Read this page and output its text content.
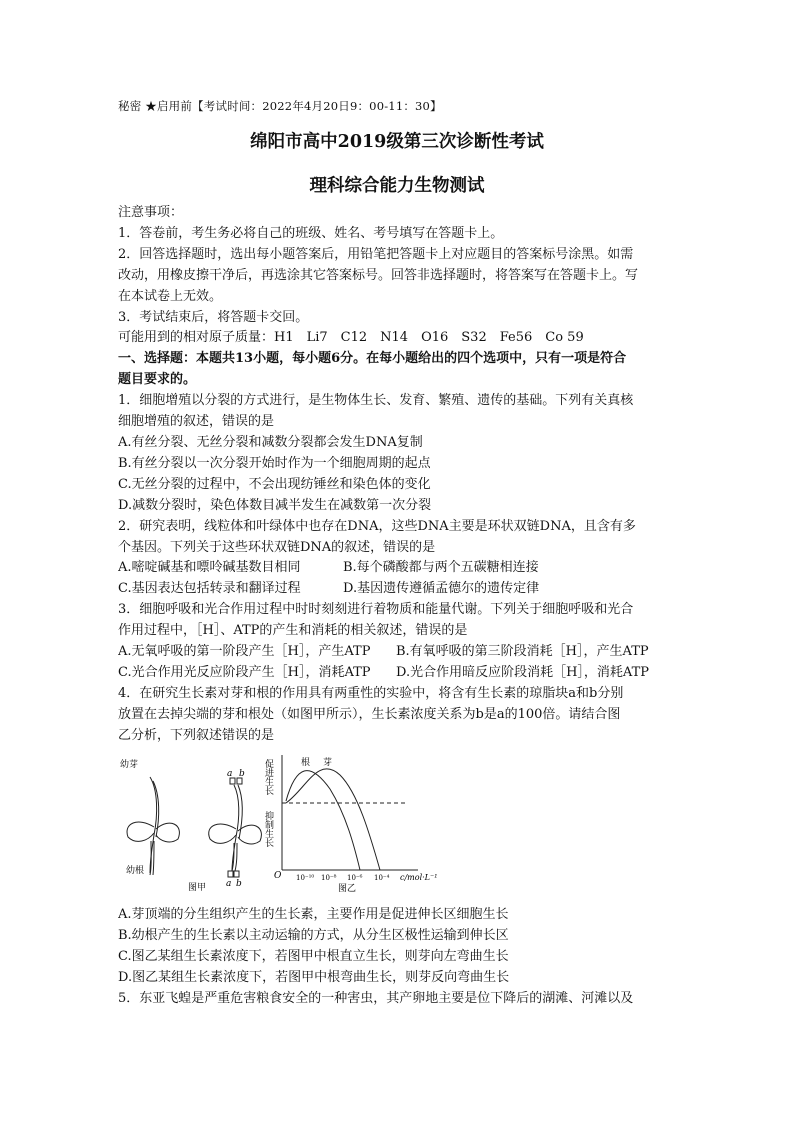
秘密 ★启用前【考试时间：2022年4月20日9：00-11：30】
绵阳市高中2019级第三次诊断性考试
理科综合能力生物测试
注意事项：
1．答卷前，考生务必将自己的班级、姓名、考号填写在答题卡上。
2．回答选择题时，选出每小题答案后，用铅笔把答题卡上对应题目的答案标号涂黑。如需
改动，用橡皮擦干净后，再选涂其它答案标号。回答非选择题时，将答案写在答题卡上。写
在本试卷上无效。
3．考试结束后，将答题卡交回。
可能用到的相对原子质量：H1　Li7　C12　N14　O16　S32　Fe56　Co 59
一、选择题：本题共13小题，每小题6分。在每小题给出的四个选项中，只有一项是符合
题目要求的。
1．细胞增殖以分裂的方式进行，是生物体生长、发育、繁殖、遗传的基础。下列有关真核
细胞增殖的叙述，错误的是
A.有丝分裂、无丝分裂和减数分裂都会发生DNA复制
B.有丝分裂以一次分裂开始时作为一个细胞周期的起点
C.无丝分裂的过程中，不会出现纺锤丝和染色体的变化
D.减数分裂时，染色体数目减半发生在减数第一次分裂
2．研究表明，线粒体和叶绿体中也存在DNA，这些DNA主要是环状双链DNA，且含有多
个基因。下列关于这些环状双链DNA的叙述，错误的是
A.嘧啶碱基和嘌呤碱基数目相同	B.每个磷酸都与两个五碳糖相连接
C.基因表达包括转录和翻译过程	D.基因遗传遵循孟德尔的遗传定律
3．细胞呼吸和光合作用过程中时时刻刻进行着物质和能量代谢。下列关于细胞呼吸和光合
作用过程中，［H］、ATP的产生和消耗的相关叙述，错误的是
A.无氧呼吸的第一阶段产生［H］，产生ATP	B.有氧呼吸的第三阶段消耗［H］，产生ATP
C.光合作用光反应阶段产生［H］，消耗ATP	D.光合作用暗反应阶段消耗［H］，消耗ATP
4．在研究生长素对芽和根的作用具有两重性的实验中，将含有生长素的琼脂块a和b分别
放置在去掉尖端的芽和根处（如图甲所示），生长素浓度关系为b是a的100倍。请结合图
乙分析，下列叙述错误的是
幼芽
幼根
a b
a b
图甲
促进生长
抑制生长
O
根 芽
10⁻¹⁰ 10⁻⁸ 10⁻⁶ 10⁻⁴ c/mol·L⁻¹
图乙
A.芽顶端的分生组织产生的生长素，主要作用是促进伸长区细胞生长
B.幼根产生的生长素以主动运输的方式，从分生区极性运输到伸长区
C.图乙某组生长素浓度下，若图甲中根直立生长，则芽向左弯曲生长
D.图乙某组生长素浓度下，若图甲中根弯曲生长，则芽反向弯曲生长
5．东亚飞蝗是严重危害粮食安全的一种害虫，其产卵地主要是位下降后的湖滩、河滩以及
